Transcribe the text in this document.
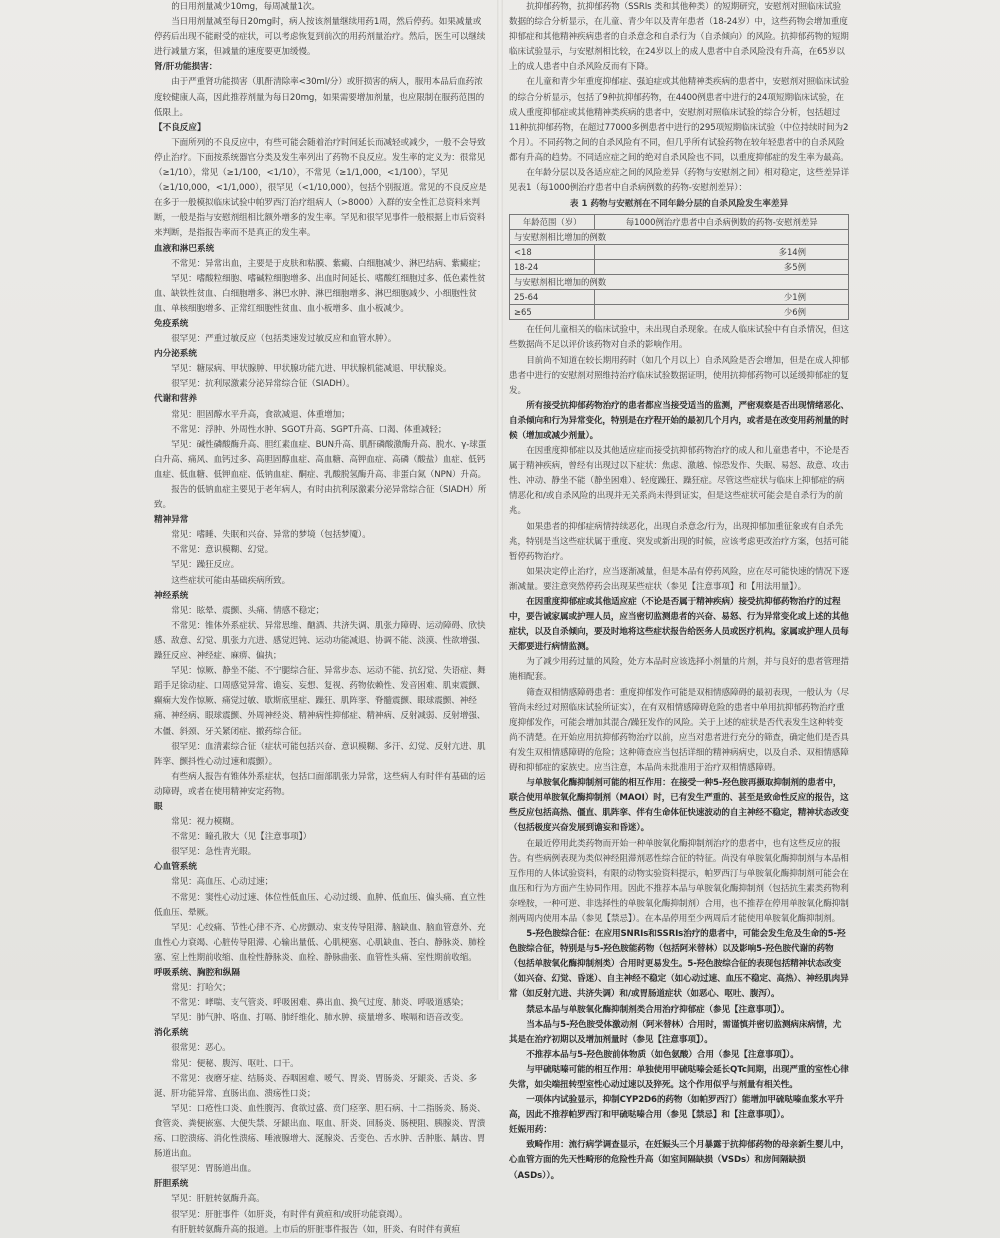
的日用剂量减少10mg，每周减量1次。

当日用剂量减至每日20mg时，病人按该剂量继续用药1周，然后停药。如果减量或停药后出现不能耐受的症状，可以考虑恢复到前次的用药剂量治疗。然后，医生可以继续进行减量方案，但减量的速度要更加缓慢。

肾/肝功能损害：

由于严重肾功能损害（肌酐清除率<30ml/分）或肝损害的病人，服用本品后血药浓度较健康人高，因此推荐剂量为每日20mg，如果需要增加剂量，也应限制在服药范围的低限上。

【不良反应】

下面所列的不良反应中，有些可能会随着治疗时间延长而减轻或减少，一般不会导致停止治疗。下面按系统器官分类及发生率列出了药物不良反应。发生率的定义为：很常见（≥1/10），常见（≥1/100，<1/10），不常见（≥1/1,000，<1/100），罕见（≥1/10,000，<1/1,000），很罕见（<1/10,000），包括个别报道。常见的不良反应是在多于一般模拟临床试验中帕罗西汀治疗组病人（>8000）入群的安全性汇总资料来判断，一般是指与安慰剂组相比额外增多的发生率。罕见和很罕见事件一般根据上市后资料来判断，是指报告率而不是真正的发生率。

血液和淋巴系统

不常见：异常出血，主要是于皮肤和粘膜、紫癜、白细胞减少、淋巴结病、紫癜症；

罕见：嗜酸粒细胞、嗜碱粒细胞增多、出血时间延长、嗜酸红细胞过多、低色素性贫血、缺铁性贫血、白细胞增多、淋巴水肿、淋巴细胞增多、淋巴细胞减少、小细胞性贫血、单核细胞增多、正常红细胞性贫血、血小板增多、血小板减少。

免疫系统

很罕见：严重过敏反应（包括类速发过敏反应和血管水肿）。

内分泌系统

罕见：糖尿病、甲状腺肿、甲状腺功能亢进、甲状腺机能减退、甲状腺炎。

很罕见：抗利尿激素分泌异常综合征（SIADH）。

代谢和营养

常见：胆固醇水平升高，食欲减退、体重增加；

不常见：浮肿、外周性水肿、SGOT升高、SGPT升高、口渴、体重减轻；

罕见：碱性磷酸酶升高、胆红素血症、BUN升高、肌酐磷酸激酶升高、脱水、γ-球蛋白升高、痛风、血钙过多、高胆固醇血症、高血糖、高钾血症、高磷（酸盐）血症、低钙血症、低血糖、低钾血症、低钠血症、酮症、乳酸脱氢酶升高、非蛋白氮（NPN）升高。

报告的低钠血症主要见于老年病人，有时由抗利尿激素分泌异常综合征（SIADH）所致。

精神异常

常见：嗜睡、失眠和兴奋、异常的梦境（包括梦魇）。

不常见：意识模糊、幻觉。

罕见：躁狂反应。

这些症状可能由基础疾病所致。

神经系统

常见：眩晕、震颤、头痛、情感不稳定；

不常见：锥体外系症状、异常思维、酗酒、共济失调、肌张力障碍、运动障碍、欣快感、敌意、幻觉、肌张力亢进、感觉迟钝、运动功能减退、协调不能、淡漠、性欲增强、躁狂反应、神经症、麻痹、偏执；

罕见：惊厥、静坐不能、不宁腿综合征、异常步态、运动不能、抗幻觉、失语症、舞蹈手足徐动症、口周感觉异常、谵妄、妄想、复视、药物依赖性、发音困难、肌束震颤、癫痫大发作惊厥、痛觉过敏、歇斯底里症、躁狂、肌阵挛、脊髓震颤、眼球震颤、神经痛、神经病、眼球震颤、外周神经炎、精神病性抑郁症、精神病、反射减弱、反射增强、木僵、斜颈、牙关紧闭症、撤药综合征。

很罕见：血清素综合征（症状可能包括兴奋、意识模糊、多汗、幻觉、反射亢进、肌阵挛、颤抖性心动过速和震颤）。

有些病人报告有锥体外系症状，包括口面部肌张力异常，这些病人有时伴有基础的运动障碍，或者在使用精神安定药物。

眼

常见：视力模糊。

不常见：瞳孔散大（见【注意事项】）

很罕见：急性青光眼。

心血管系统

常见：高血压、心动过速；

不常见：窦性心动过速、体位性低血压、心动过缓、血肿、低血压、偏头痛、直立性低血压、晕厥。

罕见：心绞痛、节性心律不齐、心房颤动、束支传导阻滞、脑缺血、脑血管意外、充血性心力衰竭、心脏传导阻滞、心输出量低、心肌梗塞、心肌缺血、苍白、静脉炎、肺栓塞、室上性期前收缩、血栓性静脉炎、血栓、静脉曲张、血管性头痛、室性期前收缩。

呼吸系统、胸腔和纵隔

常见：打哈欠；

不常见：哮喘、支气管炎、呼吸困难、鼻出血、换气过度、肺炎、呼吸道感染；

罕见：肺气肿、咯血、打嗝、肺纤维化、肺水肿、痰量增多、喉嗝和语音改变。

消化系统

很常见：恶心。

常见：便秘、腹泻、呕吐、口干。

不常见：夜磨牙症、结肠炎、吞咽困难、嗳气、胃炎、胃肠炎、牙龈炎、舌炎、多涎、肝功能异常、直肠出血、溃疡性口炎；

罕见：口疮性口炎、血性腹泻、食欲过盛、贲门痉挛、胆石病、十二指肠炎、肠炎、食管炎、粪便嵌塞、大便失禁、牙龈出血、呕血、肝炎、回肠炎、肠梗阻、胰腺炎、胃溃疡、口腔溃疡、消化性溃疡、唾液腺增大、涎腺炎、舌变色、舌水肿、舌肿胀、龋齿、胃肠道出血。

很罕见：胃肠道出血。

肝胆系统

罕见：肝脏转氨酶升高。

很罕见：肝脏事件（如肝炎，有时伴有黄疸和/或肝功能衰竭）。

有肝脏转氨酶升高的报道。上市后的肝脏事件报告（如，肝炎、有时伴有黄疸

抗抑郁药物，抗抑郁药物（SSRIs 类和其他种类）的短期研究，安慰剂对照临床试验数据的综合分析显示，在儿童、青少年以及青年患者（18-24岁）中，这些药物会增加重度抑郁症和其他精神疾病患者的自杀意念和自杀行为（自杀倾向）的风险。抗抑郁药物的短期临床试验显示，与安慰剂相比较，在24岁以上的成人患者中自杀风险没有升高，在65岁以上的成人患者中自杀风险反而有下降。

在儿童和青少年重度抑郁症、强迫症或其他精神类疾病的患者中，安慰剂对照临床试验的综合分析显示，包括了9种抗抑郁药物，在4400例患者中进行的24项短期临床试验，在成人重度抑郁症或其他精神类疾病的患者中，安慰剂对照临床试验的综合分析，包括超过11种抗抑郁药物，在超过77000多例患者中进行的295项短期临床试验（中位持续时间为2个月）。不同药物之间的自杀风险有不同，但几乎所有试验药物在较年轻患者中的自杀风险都有升高的趋势。不同适应症之间的绝对自杀风险也不同，以重度抑郁症的发生率为最高。

在年龄分层以及各适应症之间的风险差异（药物与安慰剂之间）相对稳定，这些差异详见表1（每1000例治疗患者中自杀病例数的药物-安慰剂差异）：

表 1 药物与安慰剂在不同年龄分层的自杀风险发生率差异
年龄范围（岁）	每1000例治疗患者中自杀病例数的药物-安慰剂差异
与安慰剂相比增加的例数	
<18	多14例
18-24	多5例
与安慰剂相比增加的例数	
25-64	少1例
≥65	少6例

在任何儿童相关的临床试验中，未出现自杀现象。在成人临床试验中有自杀情况，但这些数据尚不足以评价该药物对自杀的影响作用。

目前尚不知道在较长期用药时（如几个月以上）自杀风险是否会增加，但是在成人抑郁患者中进行的安慰剂对照维持治疗临床试验数据证明，使用抗抑郁药物可以延缓抑郁症的复发。

所有接受抗抑郁药物治疗的患者都应当接受适当的监测，严密观察是否出现情绪恶化、自杀倾向和行为异常变化，特别是在疗程开始的最初几个月内，或者是在改变用药剂量的时候（增加或减少剂量）。

在因重度抑郁症以及其他适应症而接受抗抑郁药物治疗的成人和儿童患者中，不论是否属于精神疾病，曾经有出现过以下症状：焦虑、激越、惊恐发作、失眠、易怒、敌意、攻击性、冲动、静坐不能（静坐困难）、轻度躁狂、躁狂症。尽管这些症状与临床上抑郁症的病情恶化和/或自杀风险的出现并无关系尚未得到证实，但是这些症状可能会是自杀行为的前兆。

如果患者的抑郁症病情持续恶化，出现自杀意念/行为，出现抑郁加重征象或有自杀先兆，特别是当这些症状属于重度、突发或新出现的时候，应该考虑更改治疗方案，包括可能暂停药物治疗。

如果决定停止治疗，应当逐渐减量，但是本品有停药风险，应在尽可能快速的情况下逐渐减量。要注意突然停药会出现某些症状（参见【注意事项】和【用法用量】）。

在因重度抑郁症或其他适应症（不论是否属于精神疾病）接受抗抑郁药物治疗的过程中，要告诫家属或护理人员，应当密切监测患者的兴奋、易怒、行为异常变化或上述的其他症状，以及自杀倾向，要及时地将这些症状报告给医务人员或医疗机构。家属或护理人员每天都要进行病情监测。

为了减少用药过量的风险，处方本品时应该选择小剂量的片剂，并与良好的患者管理措施相配套。

筛查双相情感障碍患者：重度抑郁发作可能是双相情感障碍的最初表现，一般认为（尽管尚未经过对照临床试验所证实），在有双相情感障碍危险的患者中单用抗抑郁药物治疗重度抑郁发作，可能会增加其混合/躁狂发作的风险。关于上述的症状是否代表发生这种转变尚不清楚。在开始应用抗抑郁药物治疗以前，应当对患者进行充分的筛查，确定他们是否具有发生双相情感障碍的危险；这种筛查应当包括详细的精神病病史，以及自杀、双相情感障碍和抑郁症的家族史。应当注意，本品尚未批准用于治疗双相情感障碍。

与单胺氧化酶抑制剂可能的相互作用：在接受一种5-羟色胺再摄取抑制剂的患者中，联合使用单胺氧化酶抑制剂（MAOI）时，已有发生严重的、甚至是致命性反应的报告，这些反应包括高热、僵直、肌阵挛、伴有生命体征快速波动的自主神经不稳定，精神状态改变（包括极度兴奋发展到谵妄和昏迷）。

在最近停用此类药物而开始一种单胺氧化酶抑制剂治疗的患者中，也有这些反应的报告。有些病例表现为类似神经阻滞剂恶性综合征的特征。尚没有单胺氧化酶抑制剂与本品相互作用的人体试验资料，有限的动物实验资料提示，帕罗西汀与单胺氧化酶抑制剂可能会在血压和行为方面产生协同作用。因此不推荐本品与单胺氧化酶抑制剂（包括抗生素类药物利奈唑胺，一种可逆、非选择性的单胺氧化酶抑制剂）合用，也不推荐在停用单胺氧化酶抑制剂两周内使用本品（参见【禁忌】）。在本品停用至少两周后才能使用单胺氧化酶抑制剂。

5-羟色胺综合征：在应用SNRIs和SSRIs治疗的患者中，可能会发生危及生命的5-羟色胺综合征，特别是与5-羟色胺能药物（包括阿米替林）以及影响5-羟色胺代谢的药物（包括单胺氧化酶抑制剂类）合用时更易发生。5-羟色胺综合征的表现包括精神状态改变（如兴奋、幻觉、昏迷）、自主神经不稳定（如心动过速、血压不稳定、高热）、神经肌肉异常（如反射亢进、共济失调）和/或胃肠道症状（如恶心、呕吐、腹泻）。

禁忌本品与单胺氧化酶抑制剂类合用治疗抑郁症（参见【注意事项】）。

当本品与5-羟色胺受体激动剂（阿米替林）合用时，需谨慎并密切监测病床病情，尤其是在治疗初期以及增加剂量时（参见【注意事项】）。

不推荐本品与5-羟色胺前体物质（如色氨酸）合用（参见【注意事项】）。

与甲硫哒嗪可能的相互作用：单独使用甲硫哒嗪会延长QTc间期，出现严重的室性心律失常，如尖端扭转型室性心动过速以及猝死。这个作用似乎与剂量有相关性。

一项体内试验显示，抑制CYP2D6的药物（如帕罗西汀）能增加甲硫哒嗪血浆水平升高，因此不推荐帕罗西汀和甲硫哒嗪合用（参见【禁忌】和【注意事项】）。

妊娠用药：

致畸作用：流行病学调查显示，在妊娠头三个月暴露于抗抑郁药物的母亲新生婴儿中，心血管方面的先天性畸形的危险性升高（如室间隔缺损（VSDs）和房间隔缺损（ASDs））。
